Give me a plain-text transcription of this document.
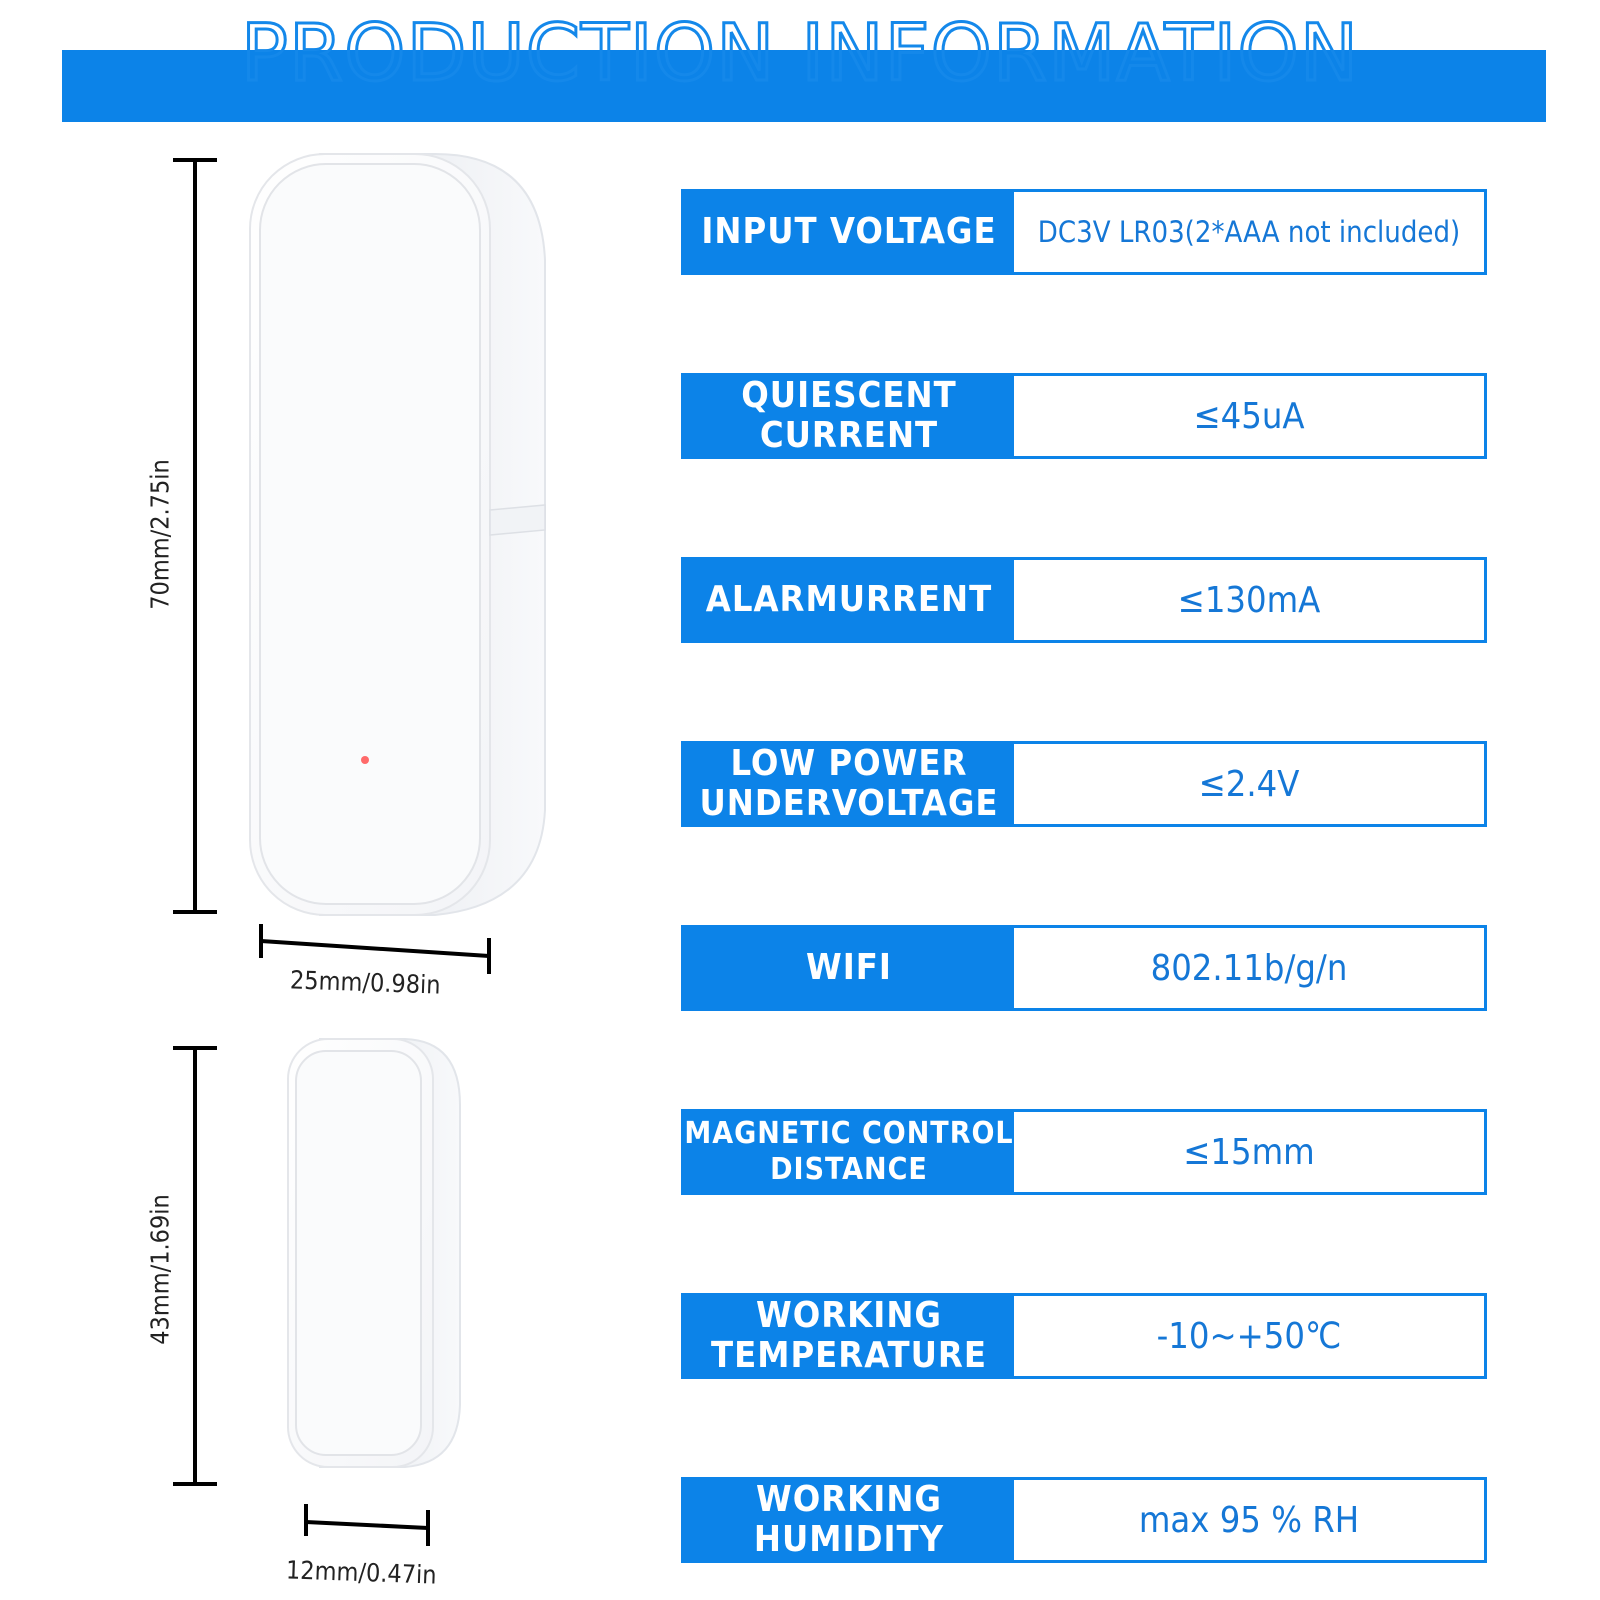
PRODUCTION INFORMATION
70mm/2.75in
25mm/0.98in
43mm/1.69in
12mm/0.47in
INPUT VOLTAGE	DC3V LR03(2*AAA not included)
QUIESCENT CURRENT	≤45uA
ALARMURRENT	≤130mA
LOW POWER UNDERVOLTAGE	≤2.4V
WIFI	802.11b/g/n
MAGNETIC CONTROL DISTANCE	≤15mm
WORKING TEMPERATURE	-10~+50℃
WORKING HUMIDITY	max 95 % RH
